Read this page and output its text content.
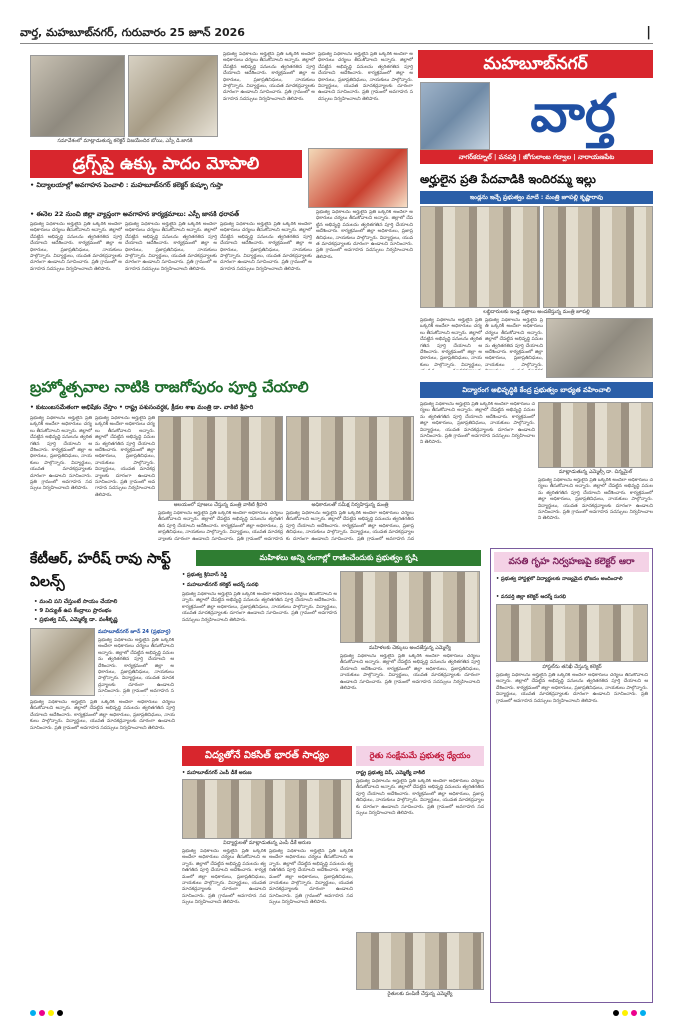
వార్త, మహబూబ్‌నగర్, గురువారం 25 జూన్ 2026	|
సమావేశంలో మాట్లాడుతున్న కలెక్టర్ విజయేందిర బోయి, ఎస్పీ డి.జానకి
ప్రభుత్వ పథకాలను అర్హులైన ప్రతి ఒక్కరికీ అందేలా అధికారులు చర్యలు తీసుకోవాలని అన్నారు. జిల్లాలో చేపట్టిన అభివృద్ధి పనులను త్వరితగతిన పూర్తి చేయాలని ఆదేశించారు. కార్యక్రమంలో జిల్లా అధికారులు, ప్రజాప్రతినిధులు, నాయకులు పాల్గొన్నారు. విద్యార్థులు, యువత మాదకద్రవ్యాలకు దూరంగా ఉండాలని సూచించారు. ప్రతి గ్రామంలో అవగాహన సదస్సులు నిర్వహించాలని తెలిపారు.
ప్రభుత్వ పథకాలను అర్హులైన ప్రతి ఒక్కరికీ అందేలా అధికారులు చర్యలు తీసుకోవాలని అన్నారు. జిల్లాలో చేపట్టిన అభివృద్ధి పనులను త్వరితగతిన పూర్తి చేయాలని ఆదేశించారు. కార్యక్రమంలో జిల్లా అధికారులు, ప్రజాప్రతినిధులు, నాయకులు పాల్గొన్నారు. విద్యార్థులు, యువత మాదకద్రవ్యాలకు దూరంగా ఉండాలని సూచించారు. ప్రతి గ్రామంలో అవగాహన సదస్సులు నిర్వహించాలని తెలిపారు.
డ్రగ్స్‌పై ఉక్కు పాదం మోపాలి
• విద్యాలయాల్లో అవగాహన పెంచాలి : మహబూబ్‌నగర్ కలెక్టర్ కుష్బూ గుప్తా
• ఈనెల 22 నుంచి జిల్లా వ్యాప్తంగా అవగాహన కార్యక్రమాలు: ఎస్పీ జానకి ధరావత్
ప్రభుత్వ పథకాలను అర్హులైన ప్రతి ఒక్కరికీ అందేలా అధికారులు చర్యలు తీసుకోవాలని అన్నారు. జిల్లాలో చేపట్టిన అభివృద్ధి పనులను త్వరితగతిన పూర్తి చేయాలని ఆదేశించారు. కార్యక్రమంలో జిల్లా అధికారులు, ప్రజాప్రతినిధులు, నాయకులు పాల్గొన్నారు. విద్యార్థులు, యువత మాదకద్రవ్యాలకు దూరంగా ఉండాలని సూచించారు. ప్రతి గ్రామంలో అవగాహన సదస్సులు నిర్వహించాలని తెలిపారు.
ప్రభుత్వ పథకాలను అర్హులైన ప్రతి ఒక్కరికీ అందేలా అధికారులు చర్యలు తీసుకోవాలని అన్నారు. జిల్లాలో చేపట్టిన అభివృద్ధి పనులను త్వరితగతిన పూర్తి చేయాలని ఆదేశించారు. కార్యక్రమంలో జిల్లా అధికారులు, ప్రజాప్రతినిధులు, నాయకులు పాల్గొన్నారు. విద్యార్థులు, యువత మాదకద్రవ్యాలకు దూరంగా ఉండాలని సూచించారు. ప్రతి గ్రామంలో అవగాహన సదస్సులు నిర్వహించాలని తెలిపారు.
ప్రభుత్వ పథకాలను అర్హులైన ప్రతి ఒక్కరికీ అందేలా అధికారులు చర్యలు తీసుకోవాలని అన్నారు. జిల్లాలో చేపట్టిన అభివృద్ధి పనులను త్వరితగతిన పూర్తి చేయాలని ఆదేశించారు. కార్యక్రమంలో జిల్లా అధికారులు, ప్రజాప్రతినిధులు, నాయకులు పాల్గొన్నారు. విద్యార్థులు, యువత మాదకద్రవ్యాలకు దూరంగా ఉండాలని సూచించారు. ప్రతి గ్రామంలో అవగాహన సదస్సులు నిర్వహించాలని తెలిపారు.
ప్రభుత్వ పథకాలను అర్హులైన ప్రతి ఒక్కరికీ అందేలా అధికారులు చర్యలు తీసుకోవాలని అన్నారు. జిల్లాలో చేపట్టిన అభివృద్ధి పనులను త్వరితగతిన పూర్తి చేయాలని ఆదేశించారు. కార్యక్రమంలో జిల్లా అధికారులు, ప్రజాప్రతినిధులు, నాయకులు పాల్గొన్నారు. విద్యార్థులు, యువత మాదకద్రవ్యాలకు దూరంగా ఉండాలని సూచించారు. ప్రతి గ్రామంలో అవగాహన సదస్సులు నిర్వహించాలని తెలిపారు.
మహబూబ్‌నగర్
వార్త
నాగర్‌కర్నూల్ | వనపర్తి | జోగులాంబ గద్వాల | నారాయణపేట
అర్హులైన ప్రతి పేదవాడికి ఇందిరమ్మ ఇల్లు
ఇండ్లను ఇచ్చే ప్రభుత్వం మాదే : మంత్రి జూపల్లి కృష్ణారావు
లబ్ధిదారులకు ఇండ్ల పత్రాలు అందజేస్తున్న మంత్రి జూపల్లి
ప్రభుత్వ పథకాలను అర్హులైన ప్రతి ఒక్కరికీ అందేలా అధికారులు చర్యలు తీసుకోవాలని అన్నారు. జిల్లాలో చేపట్టిన అభివృద్ధి పనులను త్వరితగతిన పూర్తి చేయాలని ఆదేశించారు. కార్యక్రమంలో జిల్లా అధికారులు, ప్రజాప్రతినిధులు, నాయకులు పాల్గొన్నారు. విద్యార్థులు,
ప్రభుత్వ పథకాలను అర్హులైన ప్రతి ఒక్కరికీ అందేలా అధికారులు చర్యలు తీసుకోవాలని అన్నారు. జిల్లాలో చేపట్టిన అభివృద్ధి పనులను త్వరితగతిన పూర్తి చేయాలని ఆదేశించారు. కార్యక్రమంలో జిల్లా అధికారులు, ప్రజాప్రతినిధులు, నాయకులు పాల్గొన్నారు.
బ్రహ్మోత్సవాల నాటికి రాజగోపురం పూర్తి చేయాలి
• కుటుంబసమేతంగా అభిషేకం చేస్తాం • రాష్ట్ర పశుసంవర్ధక, క్రీడల శాఖ మంత్రి డా. వాకిటి శ్రీహరి
ప్రభుత్వ పథకాలను అర్హులైన ప్రతి ఒక్కరికీ అందేలా అధికారులు చర్యలు తీసుకోవాలని అన్నారు. జిల్లాలో చేపట్టిన అభివృద్ధి పనులను త్వరితగతిన పూర్తి చేయాలని ఆదేశించారు. కార్యక్రమంలో జిల్లా అధికారులు, ప్రజాప్రతినిధులు, నాయకులు పాల్గొన్నారు. విద్యార్థులు, యువత మాదకద్రవ్యాలకు దూరంగా ఉండాలని సూచించారు. ప్రతి గ్రామంలో అవగాహన సదస్సులు నిర్వహించాలని తెలిపారు.
ప్రభుత్వ పథకాలను అర్హులైన ప్రతి ఒక్కరికీ అందేలా అధికారులు చర్యలు తీసుకోవాలని అన్నారు. జిల్లాలో చేపట్టిన అభివృద్ధి పనులను త్వరితగతిన పూర్తి చేయాలని ఆదేశించారు. కార్యక్రమంలో జిల్లా అధికారులు, ప్రజాప్రతినిధులు, నాయకులు పాల్గొన్నారు. విద్యార్థులు, యువత మాదకద్రవ్యాలకు దూరంగా ఉండాలని సూచించారు. ప్రతి గ్రామంలో అవగాహన సదస్సులు నిర్వహించాలని తెలిపారు.
ఆలయంలో పూజలు చేస్తున్న మంత్రి వాకిటి శ్రీహరి	అధికారులతో సమీక్ష నిర్వహిస్తున్న మంత్రి
ప్రభుత్వ పథకాలను అర్హులైన ప్రతి ఒక్కరికీ అందేలా అధికారులు చర్యలు తీసుకోవాలని అన్నారు. జిల్లాలో చేపట్టిన అభివృద్ధి పనులను త్వరితగతిన పూర్తి చేయాలని ఆదేశించారు. కార్యక్రమంలో జిల్లా అధికారులు, ప్రజాప్రతినిధులు, నాయకులు పాల్గొన్నారు. విద్యార్థులు, యువత మాదకద్రవ్యాలకు దూరంగా ఉండాలని సూచించారు. ప్రతి గ్రామంలో అవగాహన
ప్రభుత్వ పథకాలను అర్హులైన ప్రతి ఒక్కరికీ అందేలా అధికారులు చర్యలు తీసుకోవాలని అన్నారు. జిల్లాలో చేపట్టిన అభివృద్ధి పనులను త్వరితగతిన పూర్తి చేయాలని ఆదేశించారు. కార్యక్రమంలో జిల్లా అధికారులు, ప్రజాప్రతినిధులు, నాయకులు పాల్గొన్నారు. విద్యార్థులు, యువత మాదకద్రవ్యాలకు దూరంగా ఉండాలని సూచించారు. ప్రతి గ్రామంలో అవగాహన సద
విద్యారంగ అభివృద్ధికి కేంద్ర ప్రభుత్వం బాధ్యత వహించాలి
ప్రభుత్వ పథకాలను అర్హులైన ప్రతి ఒక్కరికీ అందేలా అధికారులు చర్యలు తీసుకోవాలని అన్నారు. జిల్లాలో చేపట్టిన అభివృద్ధి పనులను త్వరితగతిన పూర్తి చేయాలని ఆదేశించారు. కార్యక్రమంలో జిల్లా అధికారులు, ప్రజాప్రతినిధులు, నాయకులు పాల్గొన్నారు. విద్యార్థులు, యువత మాదకద్రవ్యాలకు దూరంగా ఉండాలని సూచించారు. ప్రతి గ్రామంలో అవగాహన సదస్సులు నిర్వహించాలని తెలిపారు.
మాట్లాడుతున్న ఎమ్మెల్సీ డా. చిన్నమైల్
ప్రభుత్వ పథకాలను అర్హులైన ప్రతి ఒక్కరికీ అందేలా అధికారులు చర్యలు తీసుకోవాలని అన్నారు. జిల్లాలో చేపట్టిన అభివృద్ధి పనులను త్వరితగతిన పూర్తి చేయాలని ఆదేశించారు. కార్యక్రమంలో జిల్లా అధికారులు, ప్రజాప్రతినిధులు, నాయకులు పాల్గొన్నారు. విద్యార్థులు, యువత మాదకద్రవ్యాలకు దూరంగా ఉండాలని సూచించారు. ప్రతి గ్రామంలో అవగాహన సదస్సులు నిర్వహించాలని తెలిపారు.
కేటీఆర్, హరీష్ రావు సాఫ్ట్ విలన్స్
• మంచి పని చేస్తుంటే సాయం చేయాలి
• 9 విద్యుత్ ఉప కేంద్రాలు ప్రారంభం
• ప్రభుత్వ విప్, ఎమ్మెల్యే డా. వంశీకృష్ణ
మహబూబ్‌నగర్ జూన్ 24 (ప్రభవార్త)
ప్రభుత్వ పథకాలను అర్హులైన ప్రతి ఒక్కరికీ అందేలా అధికారులు చర్యలు తీసుకోవాలని అన్నారు. జిల్లాలో చేపట్టిన అభివృద్ధి పనులను త్వరితగతిన పూర్తి చేయాలని ఆదేశించారు. కార్యక్రమంలో జిల్లా అధికారులు, ప్రజాప్రతినిధులు, నాయకులు పాల్గొన్నారు. విద్యార్థులు, యువత మాదకద్రవ్యాలకు దూరంగా ఉండాలని సూచించారు. ప్రతి గ్రామంలో అవగాహన స
ప్రభుత్వ పథకాలను అర్హులైన ప్రతి ఒక్కరికీ అందేలా అధికారులు చర్యలు తీసుకోవాలని అన్నారు. జిల్లాలో చేపట్టిన అభివృద్ధి పనులను త్వరితగతిన పూర్తి చేయాలని ఆదేశించారు. కార్యక్రమంలో జిల్లా అధికారులు, ప్రజాప్రతినిధులు, నాయకులు పాల్గొన్నారు. విద్యార్థులు, యువత మాదకద్రవ్యాలకు దూరంగా ఉండాలని సూచించారు. ప్రతి గ్రామంలో అవగాహన సదస్సులు నిర్వహించాలని తెలిపారు.
మహిళలు అన్ని రంగాల్లో రాణించేందుకు ప్రభుత్వం కృషి
• ప్రభుత్వ శ్రీనివాస్ రెడ్డి
• మహబూబ్‌నగర్ కలెక్టర్ ఆదర్శ్ సురభి
ప్రభుత్వ పథకాలను అర్హులైన ప్రతి ఒక్కరికీ అందేలా అధికారులు చర్యలు తీసుకోవాలని అన్నారు. జిల్లాలో చేపట్టిన అభివృద్ధి పనులను త్వరితగతిన పూర్తి చేయాలని ఆదేశించారు. కార్యక్రమంలో జిల్లా అధికారులు, ప్రజాప్రతినిధులు, నాయకులు పాల్గొన్నారు. విద్యార్థులు, యువత మాదకద్రవ్యాలకు దూరంగా ఉండాలని సూచించారు. ప్రతి గ్రామంలో అవగాహన సదస్సులు నిర్వహించాలని తెలిపారు.
మహిళలకు చెక్కులు అందజేస్తున్న ఎమ్మెల్యే
ప్రభుత్వ పథకాలను అర్హులైన ప్రతి ఒక్కరికీ అందేలా అధికారులు చర్యలు తీసుకోవాలని అన్నారు. జిల్లాలో చేపట్టిన అభివృద్ధి పనులను త్వరితగతిన పూర్తి చేయాలని ఆదేశించారు. కార్యక్రమంలో జిల్లా అధికారులు, ప్రజాప్రతినిధులు, నాయకులు పాల్గొన్నారు. విద్యార్థులు, యువత మాదకద్రవ్యాలకు దూరంగా ఉండాలని సూచించారు. ప్రతి గ్రామంలో అవగాహన సదస్సులు నిర్వహించాలని తెలిపారు.
వసతి గృహ నిర్వహణపై కలెక్టర్ ఆరా
• ప్రభుత్వ హాస్టళ్లలో విద్యార్థులకు నాణ్యమైన భోజనం అందించాలి
• వనపర్తి జిల్లా కలెక్టర్ ఆదర్శ్ సురభి
హాస్టల్‌ను తనిఖీ చేస్తున్న కలెక్టర్
ప్రభుత్వ పథకాలను అర్హులైన ప్రతి ఒక్కరికీ అందేలా అధికారులు చర్యలు తీసుకోవాలని అన్నారు. జిల్లాలో చేపట్టిన అభివృద్ధి పనులను త్వరితగతిన పూర్తి చేయాలని ఆదేశించారు. కార్యక్రమంలో జిల్లా అధికారులు, ప్రజాప్రతినిధులు, నాయకులు పాల్గొన్నారు. విద్యార్థులు, యువత మాదకద్రవ్యాలకు దూరంగా ఉండాలని సూచించారు. ప్రతి గ్రామంలో అవగాహన సదస్సులు నిర్వహించాలని తెలిపారు.
విద్యతోనే వికసిత్ భారత్ సాధ్యం
• మహబూబ్‌నగర్ ఎంపీ డీకే అరుణ
విద్యార్థులతో మాట్లాడుతున్న ఎంపీ డీకే అరుణ
ప్రభుత్వ పథకాలను అర్హులైన ప్రతి ఒక్కరికీ అందేలా అధికారులు చర్యలు తీసుకోవాలని అన్నారు. జిల్లాలో చేపట్టిన అభివృద్ధి పనులను త్వరితగతిన పూర్తి చేయాలని ఆదేశించారు. కార్యక్రమంలో జిల్లా అధికారులు, ప్రజాప్రతినిధులు, నాయకులు పాల్గొన్నారు. విద్యార్థులు, యువత మాదకద్రవ్యాలకు దూరంగా ఉండాలని సూచించారు. ప్రతి గ్రామంలో అవగాహన సదస్సులు నిర్వహించాలని తెలిపారు.
ప్రభుత్వ పథకాలను అర్హులైన ప్రతి ఒక్కరికీ అందేలా అధికారులు చర్యలు తీసుకోవాలని అన్నారు. జిల్లాలో చేపట్టిన అభివృద్ధి పనులను త్వరితగతిన పూర్తి చేయాలని ఆదేశించారు. కార్యక్రమంలో జిల్లా అధికారులు, ప్రజాప్రతినిధులు, నాయకులు పాల్గొన్నారు. విద్యార్థులు, యువత మాదకద్రవ్యాలకు దూరంగా ఉండాలని సూచించారు. ప్రతి గ్రామంలో అవగాహన సదస్సులు నిర్వహించాలని తెలిపారు.
రైతు సంక్షేమమే ప్రభుత్వ ధ్యేయం
రాష్ట్ర ప్రభుత్వ విప్, ఎమ్మెల్యే వాకిటి
ప్రభుత్వ పథకాలను అర్హులైన ప్రతి ఒక్కరికీ అందేలా అధికారులు చర్యలు తీసుకోవాలని అన్నారు. జిల్లాలో చేపట్టిన అభివృద్ధి పనులను త్వరితగతిన పూర్తి చేయాలని ఆదేశించారు. కార్యక్రమంలో జిల్లా అధికారులు, ప్రజాప్రతినిధులు, నాయకులు పాల్గొన్నారు. విద్యార్థులు, యువత మాదకద్రవ్యాలకు దూరంగా ఉండాలని సూచించారు. ప్రతి గ్రామంలో అవగాహన సదస్సులు నిర్వహించాలని తెలిపారు.
రైతులకు పంపిణీ చేస్తున్న ఎమ్మెల్యే
